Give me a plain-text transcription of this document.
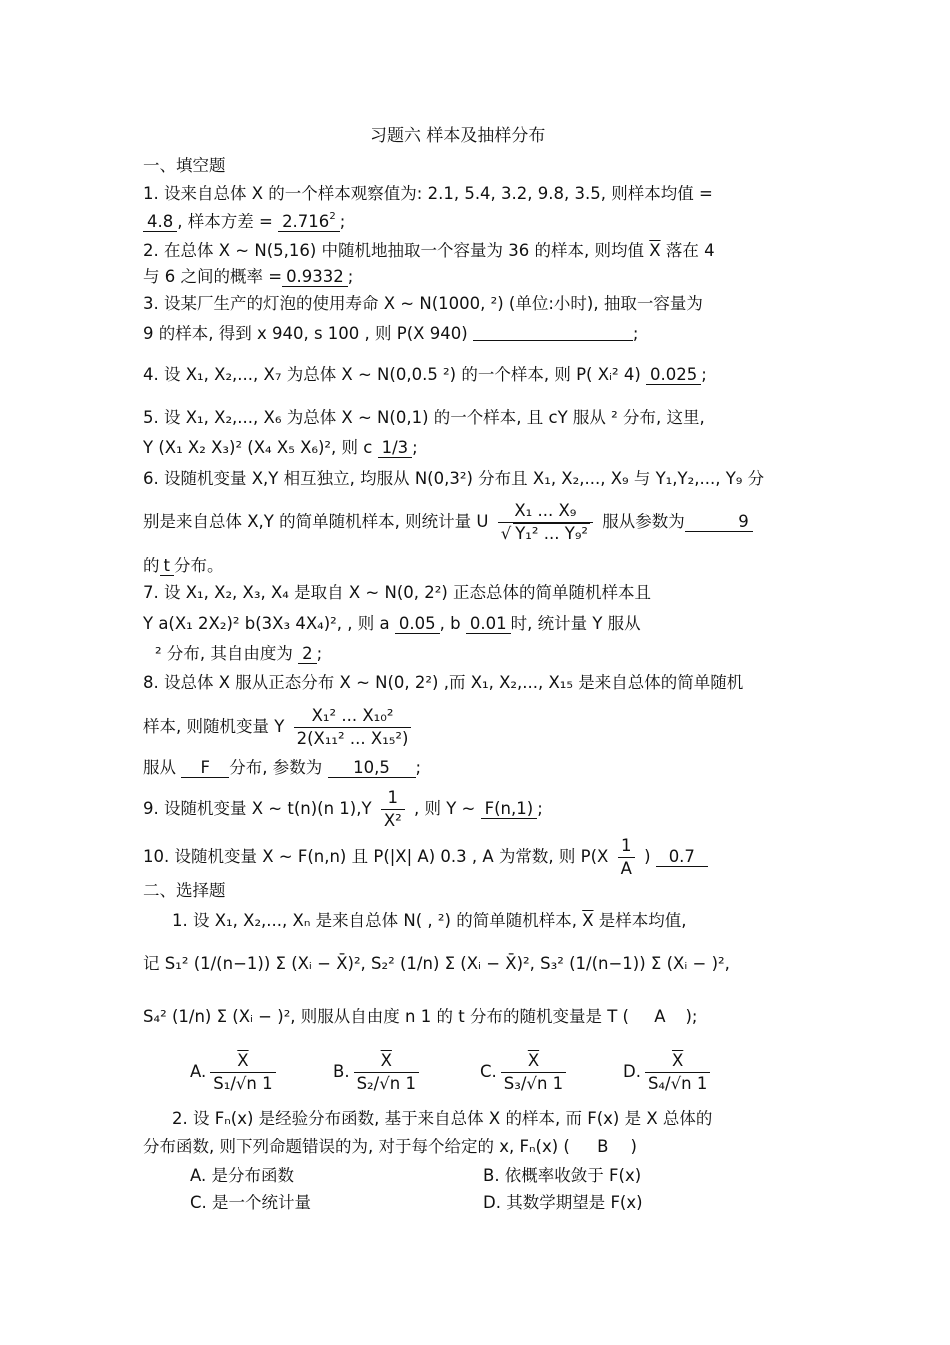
习题六 样本及抽样分布
一、填空题
1. 设来自总体 X 的一个样本观察值为: 2.1, 5.4, 3.2, 9.8, 3.5, 则样本均值 =
4.8 , 样本方差 = $2.716^2$ ;
2. 在总体 X ~ N(5,16) 中随机地抽取一个容量为 36 的样本, 则均值 $\overline{X}$ 落在 4
与 6 之间的概率 = 0.9332 ;
3. 设某厂生产的灯泡的使用寿命 X ~ N(1000, ²) (单位:小时), 抽取一容量为
9 的样本, 得到 x 940, s 100 , 则 P(X 940)	;
4. 设 X₁, X₂,..., X₇ 为总体 X ~ N(0,0.5 ²) 的一个样本, 则 P( Xᵢ² 4) 0.025 ;
5. 设 X₁, X₂,..., X₆ 为总体 X ~ N(0,1) 的一个样本, 且 cY 服从 ² 分布, 这里,
Y (X₁ X₂ X₃)² (X₄ X₅ X₆)², 则 c 1/3 ;
6. 设随机变量 X,Y 相互独立, 均服从 N(0,3²) 分布且 X₁, X₂,..., X₉ 与 Y₁,Y₂,..., Y₉ 分
别是来自总体 X,Y 的简单随机样本, 则统计量 U $\frac{\text{X₁ ... X₉}}{\text{√ Y₁² ... Y₉²}}$ 服从参数为	9
的 t 分布。
7. 设 X₁, X₂, X₃, X₄ 是取自 X ~ N(0, 2²) 正态总体的简单随机样本且
Y a(X₁ 2X₂)² b(3X₃ 4X₄)², , 则 a 0.05 , b 0.01 时, 统计量 Y 服从
² 分布, 其自由度为 2 ;
8. 设总体 X 服从正态分布 X ~ N(0, 2²) ,而 X₁, X₂,..., X₁₅ 是来自总体的简单随机
样本, 则随机变量 Y $\frac{\text{X₁² ... X₁₀²}}{\text{2(X₁₁² ... X₁₅²)}}$
服从 F 分布, 参数为 10,5 ;
9. 设随机变量 X ~ t(n)(n $1),Y \frac{1}{\text{X²}}$ , 则 Y ~ F(n,1) ;
10. 设随机变量 X ~ F(n,n) 且 P(|X| A) 0.3 , A 为常数, 则 $P(X \frac{1}{A}$ ) 0.7
二、选择题
1. 设 X₁, X₂,..., Xₙ 是来自总体 N( , ²) 的简单随机样本, $\overline{X}$ 是样本均值,
记 S₁² (1/(n−1)) Σ (Xᵢ − X̄)², S₂² (1/n) Σ (Xᵢ − X̄)², S₃² (1/(n−1)) Σ (Xᵢ − )²,
S₄² (1/n) Σ (Xᵢ − )², 则服从自由度 n 1 的 t 分布的随机变量是 T ( A );
A. $\frac{\overline{X}}{\text{S₁/√n 1}}$	B. $\frac{\overline{X}}{\text{S₂/√n 1}}$	C. $\frac{\overline{X}}{\text{S₃/√n 1}}$	D. $\frac{\overline{X}}{\text{S₄/√n 1}}$
2. 设 Fₙ(x) 是经验分布函数, 基于来自总体 X 的样本, 而 F(x) 是 X 总体的
分布函数, 则下列命题错误的为, 对于每个给定的 x, Fₙ(x) ( B )
A. 是分布函数	B. 依概率收敛于 F(x)
C. 是一个统计量	D. 其数学期望是 F(x)
